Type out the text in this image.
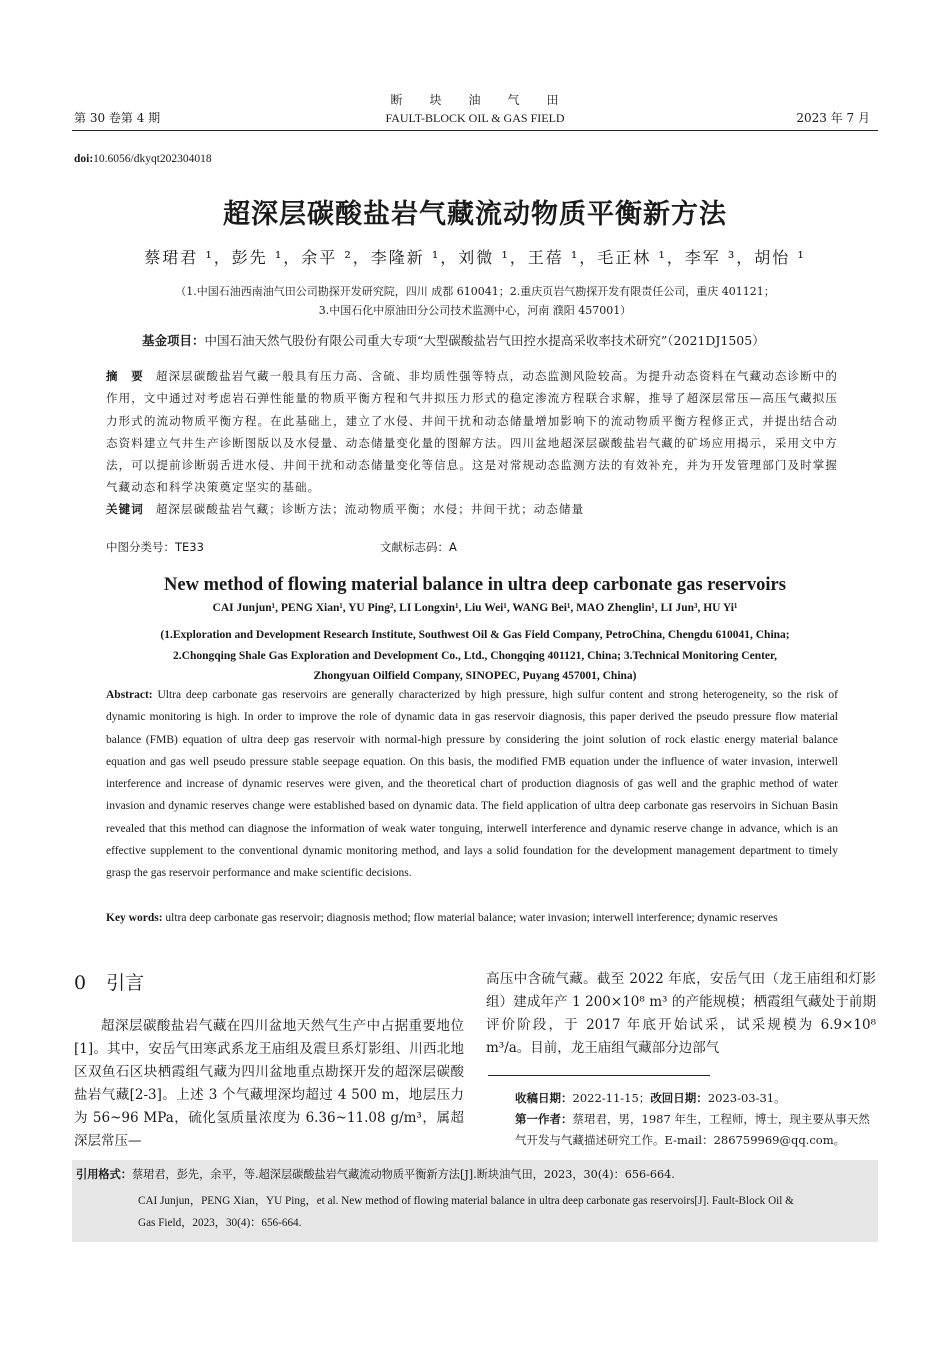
断　　块　　油　　气　　田
FAULT-BLOCK OIL & GAS FIELD
第 30 卷第 4 期	2023 年 7 月
doi:10.6056/dkyqt202304018
超深层碳酸盐岩气藏流动物质平衡新方法
蔡珺君 ¹，彭先 ¹，余平 ²，李隆新 ¹，刘微 ¹，王蓓 ¹，毛正林 ¹，李军 ³，胡怡 ¹
（1.中国石油西南油气田公司勘探开发研究院，四川 成都 610041；2.重庆页岩气勘探开发有限责任公司，重庆 401121；
3.中国石化中原油田分公司技术监测中心，河南 濮阳 457001）
基金项目：中国石油天然气股份有限公司重大专项“大型碳酸盐岩气田控水提高采收率技术研究”（2021DJ1505）
摘　要 超深层碳酸盐岩气藏一般具有压力高、含硫、非均质性强等特点，动态监测风险较高。为提升动态资料在气藏动态诊断中的作用，文中通过对考虑岩石弹性能量的物质平衡方程和气井拟压力形式的稳定渗流方程联合求解，推导了超深层常压—高压气藏拟压力形式的流动物质平衡方程。在此基础上，建立了水侵、井间干扰和动态储量增加影响下的流动物质平衡方程修正式，并提出结合动态资料建立气井生产诊断图版以及水侵量、动态储量变化量的图解方法。四川盆地超深层碳酸盐岩气藏的矿场应用揭示，采用文中方法，可以提前诊断弱舌进水侵、井间干扰和动态储量变化等信息。这是对常规动态监测方法的有效补充，并为开发管理部门及时掌握气藏动态和科学决策奠定坚实的基础。
关键词 超深层碳酸盐岩气藏；诊断方法；流动物质平衡；水侵；井间干扰；动态储量
中图分类号：TE33	文献标志码：A
New method of flowing material balance in ultra deep carbonate gas reservoirs
CAI Junjun¹, PENG Xian¹, YU Ping², LI Longxin¹, Liu Wei¹, WANG Bei¹, MAO Zhenglin¹, LI Jun³, HU Yi¹
(1.Exploration and Development Research Institute, Southwest Oil & Gas Field Company, PetroChina, Chengdu 610041, China;
2.Chongqing Shale Gas Exploration and Development Co., Ltd., Chongqing 401121, China; 3.Technical Monitoring Center,
Zhongyuan Oilfield Company, SINOPEC, Puyang 457001, China)
Abstract: Ultra deep carbonate gas reservoirs are generally characterized by high pressure, high sulfur content and strong heterogeneity, so the risk of dynamic monitoring is high. In order to improve the role of dynamic data in gas reservoir diagnosis, this paper derived the pseudo pressure flow material balance (FMB) equation of ultra deep gas reservoir with normal-high pressure by considering the joint solution of rock elastic energy material balance equation and gas well pseudo pressure stable seepage equation. On this basis, the modified FMB equation under the influence of water invasion, interwell interference and increase of dynamic reserves were given, and the theoretical chart of production diagnosis of gas well and the graphic method of water invasion and dynamic reserves change were established based on dynamic data. The field application of ultra deep carbonate gas reservoirs in Sichuan Basin revealed that this method can diagnose the information of weak water tonguing, interwell interference and dynamic reserve change in advance, which is an effective supplement to the conventional dynamic monitoring method, and lays a solid foundation for the development management department to timely grasp the gas reservoir performance and make scientific decisions.
Key words: ultra deep carbonate gas reservoir; diagnosis method; flow material balance; water invasion; interwell interference; dynamic reserves
0 引言

超深层碳酸盐岩气藏在四川盆地天然气生产中占据重要地位[1]。其中，安岳气田寒武系龙王庙组及震旦系灯影组、川西北地区双鱼石区块栖霞组气藏为四川盆地重点勘探开发的超深层碳酸盐岩气藏[2-3]。上述 3 个气藏埋深均超过 4 500 m，地层压力为 56~96 MPa，硫化氢质量浓度为 6.36~11.08 g/m³，属超深层常压—

高压中含硫气藏。截至 2022 年底，安岳气田（龙王庙组和灯影组）建成年产 1 200×10⁸ m³ 的产能规模；栖霞组气藏处于前期评价阶段，于 2017 年底开始试采，试采规模为 6.9×10⁸ m³/a。目前，龙王庙组气藏部分边部气

收稿日期：2022-11-15；改回日期：2023-03-31。
第一作者：蔡珺君，男，1987 年生，工程师，博士，现主要从事天然
气开发与气藏描述研究工作。E-mail：286759969@qq.com。
引用格式：蔡珺君，彭先，余平，等.超深层碳酸盐岩气藏流动物质平衡新方法[J].断块油气田，2023，30(4)：656-664.
CAI Junjun，PENG Xian，YU Ping，et al. New method of flowing material balance in ultra deep carbonate gas reservoirs[J]. Fault-Block Oil &
Gas Field，2023，30(4)：656-664.
